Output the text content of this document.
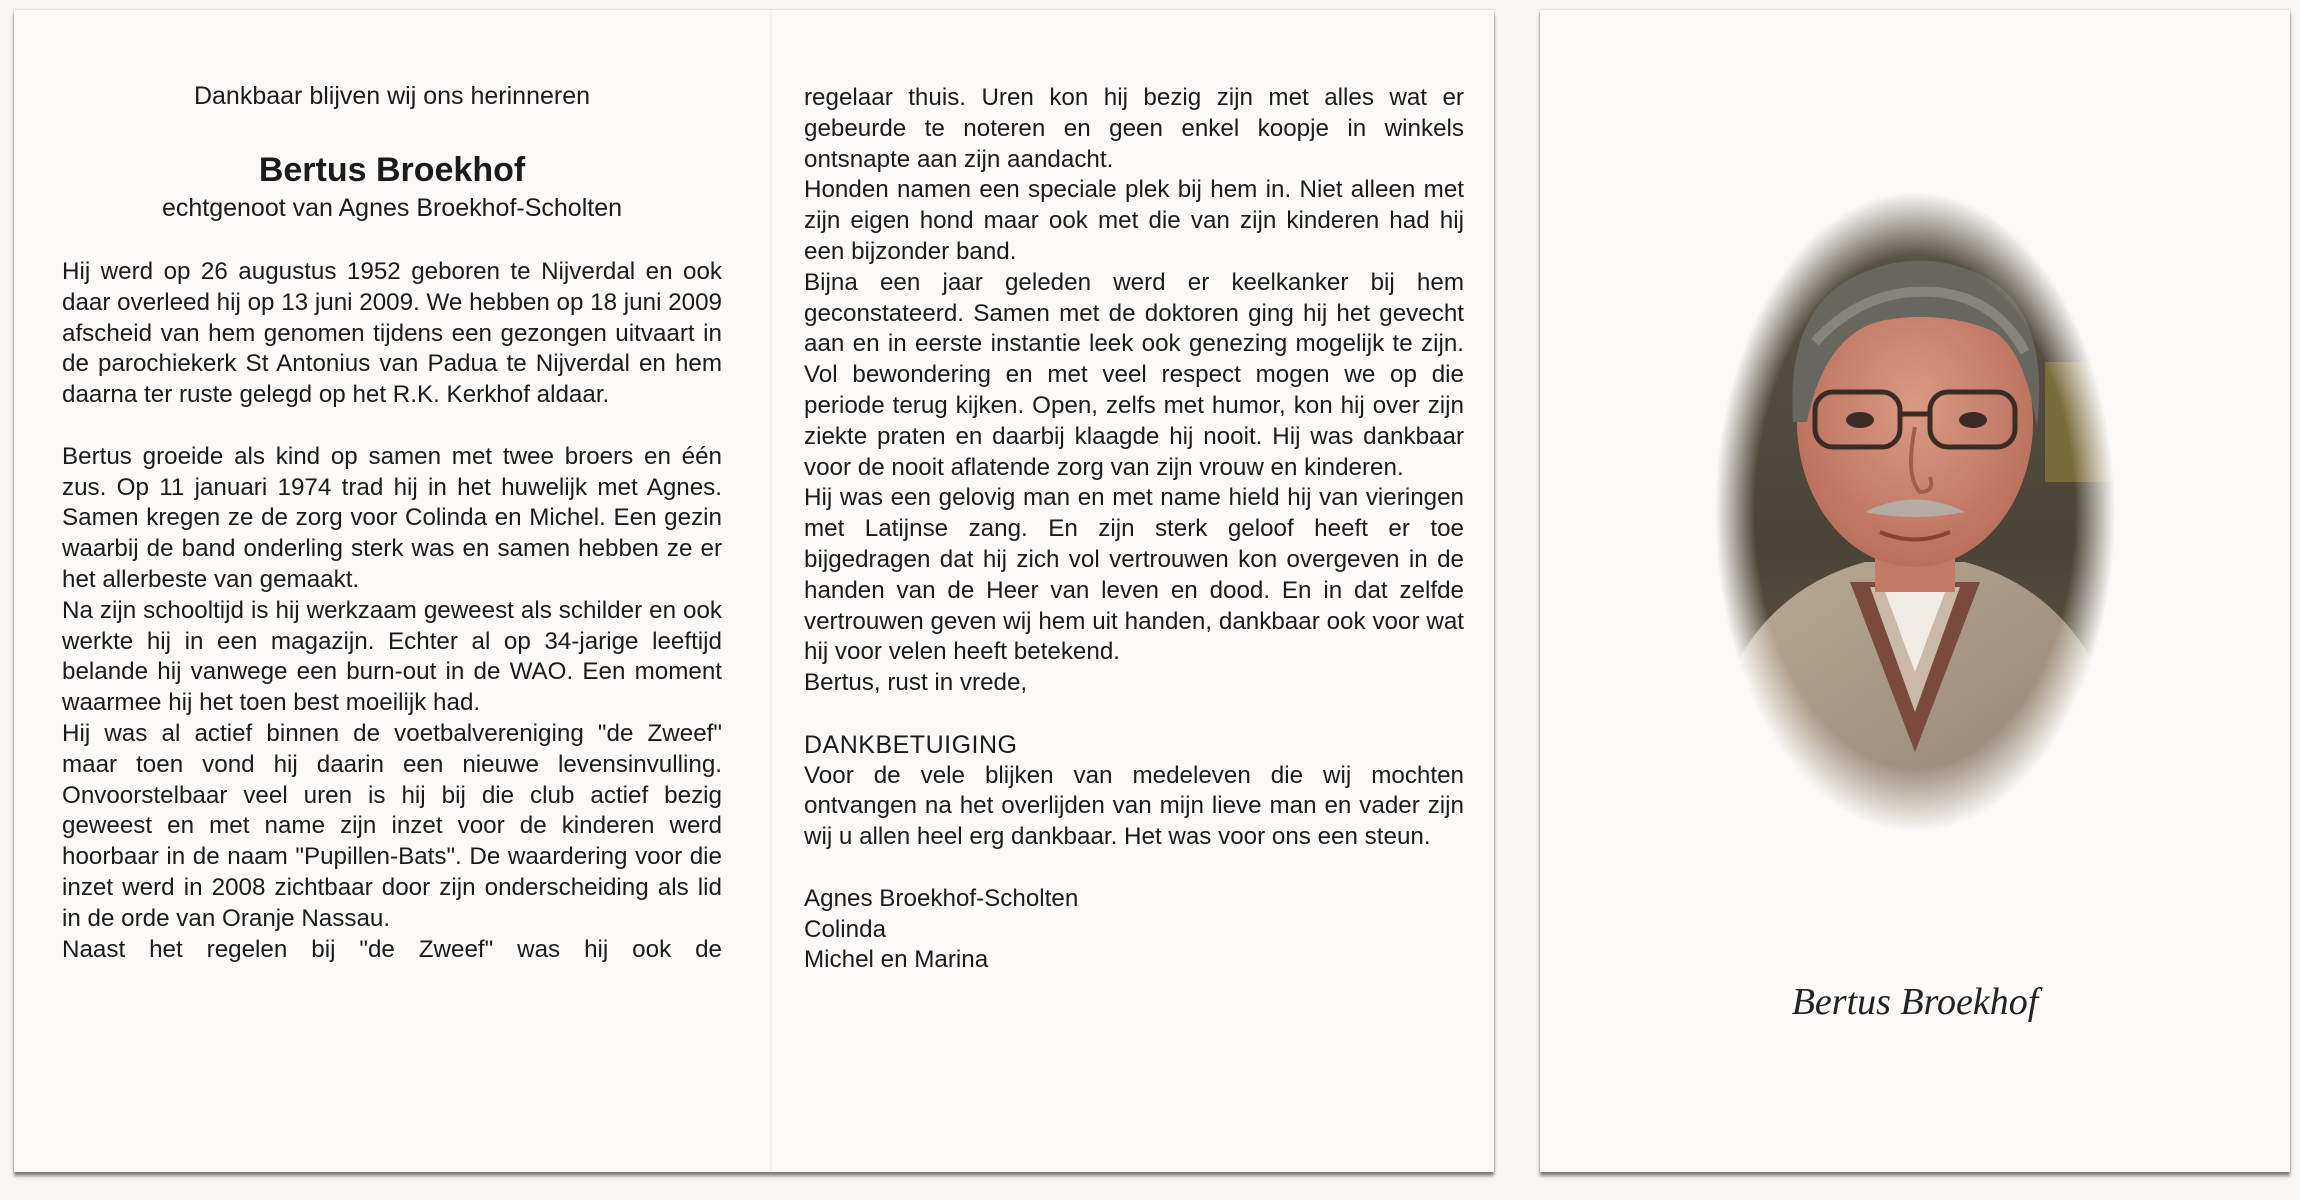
Dankbaar blijven wij ons herinneren
Bertus Broekhof
echtgenoot van Agnes Broekhof-Scholten

Hij werd op 26 augustus 1952 geboren te Nijverdal en ook daar overleed hij op 13 juni 2009. We hebben op 18 juni 2009 afscheid van hem genomen tijdens een gezongen uitvaart in de parochiekerk St Antonius van Padua te Nijverdal en hem daarna ter ruste gelegd op het R.K. Kerkhof aldaar.

Bertus groeide als kind op samen met twee broers en één zus. Op 11 januari 1974 trad hij in het huwelijk met Agnes. Samen kregen ze de zorg voor Colinda en Michel. Een gezin waarbij de band onderling sterk was en samen hebben ze er het allerbeste van gemaakt.

Na zijn schooltijd is hij werkzaam geweest als schilder en ook werkte hij in een magazijn. Echter al op 34-jarige leeftijd belande hij vanwege een burn-out in de WAO. Een moment waarmee hij het toen best moeilijk had.

Hij was al actief binnen de voetbalvereniging "de Zweef" maar toen vond hij daarin een nieuwe levensinvulling. Onvoorstelbaar veel uren is hij bij die club actief bezig geweest en met name zijn inzet voor de kinderen werd hoorbaar in de naam "Pupillen-Bats". De waardering voor die inzet werd in 2008 zichtbaar door zijn onderscheiding als lid in de orde van Oranje Nassau.

Naast het regelen bij "de Zweef" was hij ook de

regelaar thuis. Uren kon hij bezig zijn met alles wat er gebeurde te noteren en geen enkel koopje in winkels ontsnapte aan zijn aandacht.

Honden namen een speciale plek bij hem in. Niet alleen met zijn eigen hond maar ook met die van zijn kinderen had hij een bijzonder band.

Bijna een jaar geleden werd er keelkanker bij hem geconstateerd. Samen met de doktoren ging hij het gevecht aan en in eerste instantie leek ook genezing mogelijk te zijn. Vol bewondering en met veel respect mogen we op die periode terug kijken. Open, zelfs met humor, kon hij over zijn ziekte praten en daarbij klaagde hij nooit. Hij was dankbaar voor de nooit aflatende zorg van zijn vrouw en kinderen.

Hij was een gelovig man en met name hield hij van vieringen met Latijnse zang. En zijn sterk geloof heeft er toe bijgedragen dat hij zich vol vertrouwen kon overgeven in de handen van de Heer van leven en dood. En in dat zelfde vertrouwen geven wij hem uit handen, dankbaar ook voor wat hij voor velen heeft betekend.

Bertus, rust in vrede,

DANKBETUIGING

Voor de vele blijken van medeleven die wij mochten ontvangen na het overlijden van mijn lieve man en vader zijn wij u allen heel erg dankbaar. Het was voor ons een steun.

Agnes Broekhof-Scholten

Colinda

Michel en Marina

Bertus Broekhof
